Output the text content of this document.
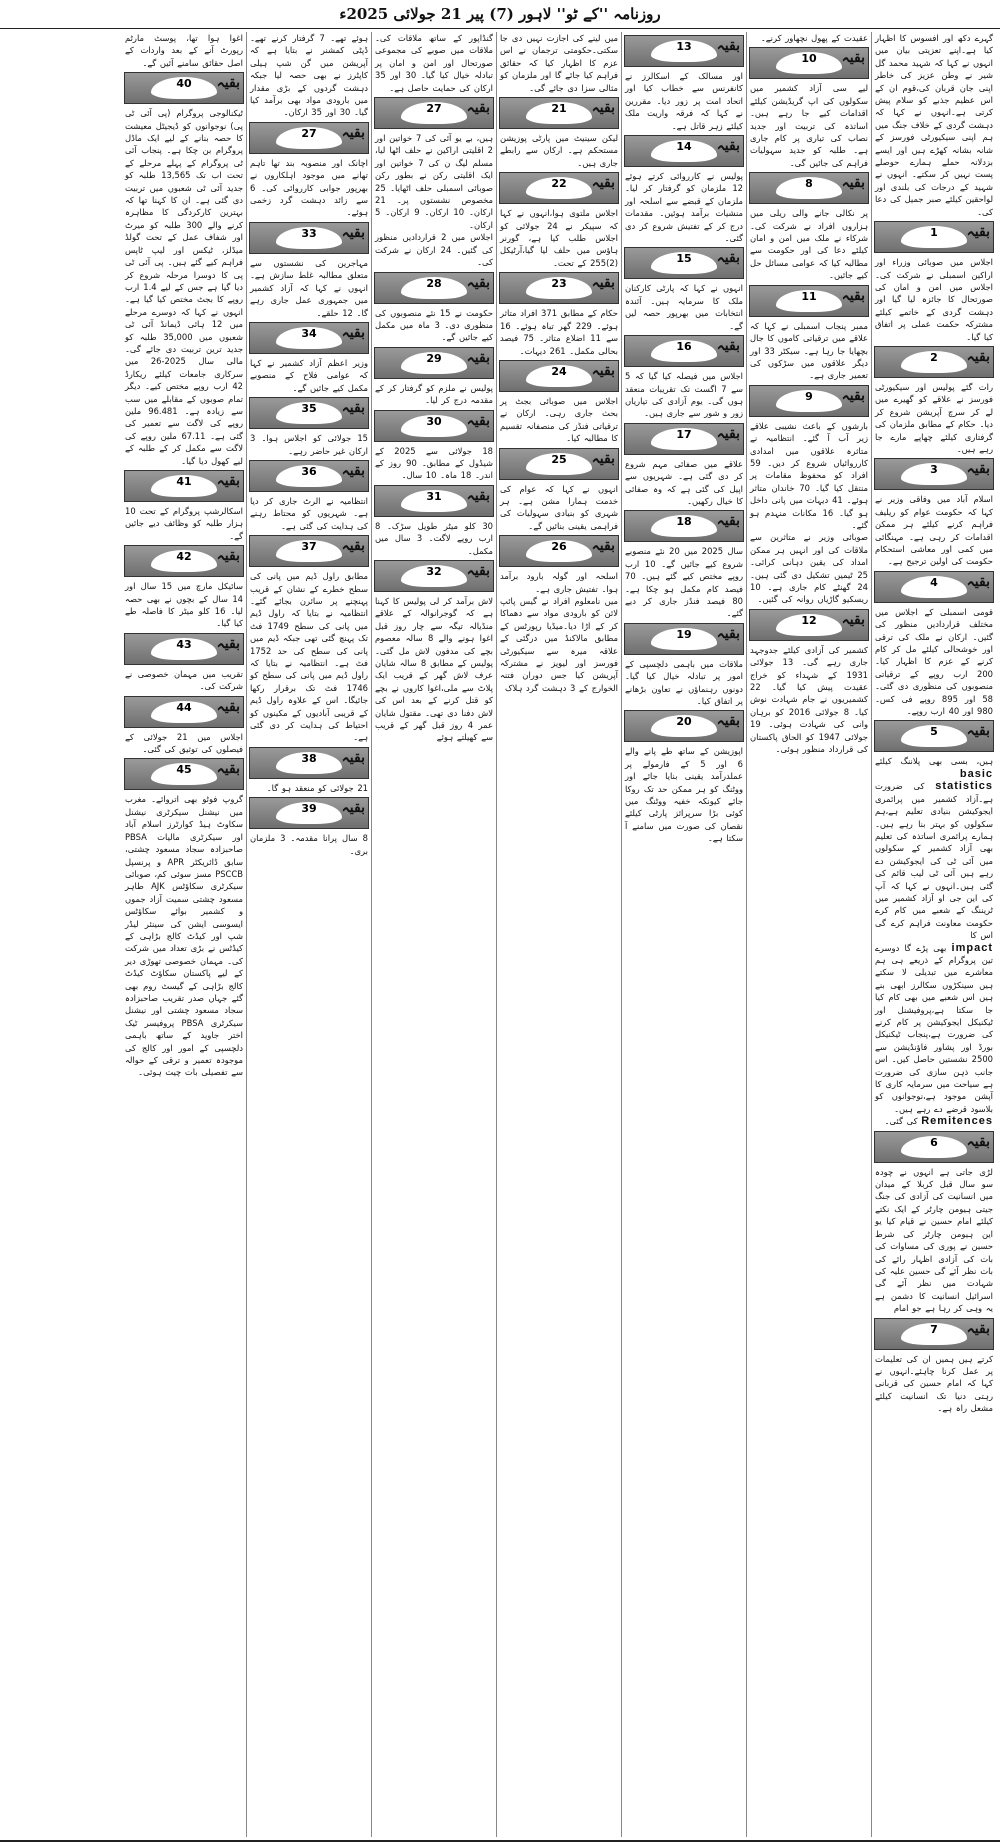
روزنامہ ''کے ٹو'' لاہور (7) پیر 21 جولائی 2025ء

گہرے دکھ اور افسوس کا اظہار کیا ہے۔اپنے تعزیتی بیان میں انہوں نے کہا کہ شہید محمد گل شیر نے وطن عزیز کی خاطر اپنی جان قربان کی،قوم ان کے اس عظیم جذبے کو سلام پیش کرتی ہے۔انہوں نے کہا کہ دہشت گردی کے خلاف جنگ میں ہم اپنی سیکیورٹی فورسز کے شانہ بشانہ کھڑے ہیں اور ایسے بزدلانہ حملے ہمارے حوصلے پست نہیں کر سکتے۔ انہوں نے شہید کے درجات کی بلندی اور لواحقین کیلئے صبر جمیل کی دعا کی۔

1	بقیہ

اجلاس میں صوبائی وزراء اور اراکین اسمبلی نے شرکت کی۔ اجلاس میں امن و امان کی صورتحال کا جائزہ لیا گیا اور دہشت گردی کے خاتمے کیلئے مشترکہ حکمت عملی پر اتفاق کیا گیا۔

2	بقیہ

رات گئے پولیس اور سیکیورٹی فورسز نے علاقے کو گھیرے میں لے کر سرچ آپریشن شروع کر دیا۔ حکام کے مطابق ملزمان کی گرفتاری کیلئے چھاپے مارے جا رہے ہیں۔

3	بقیہ

اسلام آباد میں وفاقی وزیر نے کہا کہ حکومت عوام کو ریلیف فراہم کرنے کیلئے ہر ممکن اقدامات کر رہی ہے۔ مہنگائی میں کمی اور معاشی استحکام حکومت کی اولین ترجیح ہے۔

4	بقیہ

قومی اسمبلی کے اجلاس میں مختلف قراردادیں منظور کی گئیں۔ ارکان نے ملک کی ترقی اور خوشحالی کیلئے مل کر کام کرنے کے عزم کا اظہار کیا۔ 200 ارب روپے کے ترقیاتی منصوبوں کی منظوری دی گئی۔ 58 اور 895 روپے فی کس۔ 980 اور 40 ارب روپے۔

5	بقیہ

ہیں، بسی بھی پلاننگ کیلئے basic
statistics کی ضرورت ہے۔آزاد کشمیر میں پرائمری ایجوکیشن بنیادی تعلیم ہے،ہم سکولوں کو بہتر بنا رہے ہیں۔ ہمارے پرائمری اساتذہ کی تعلیم بھی آزاد کشمیر کے سکولوں میں آئی ٹی کی ایجوکیشن دے رہے ہیں آئی ٹی لیب قائم کی گئی ہیں۔انہوں نے کہا کہ آپ کی این جی او آزاد کشمیر میں ٹریننگ کے شعبے میں کام کرے حکومت معاونت فراہم کرے گی اس کا

impact بھی پڑے گا دوسرے تین پروگرام کے ذریعے ہی ہم معاشرے میں تبدیلی لا سکتے ہیں سینکڑوں سکالرز ابھی بنے ہیں اس شعبے میں بھی کام کیا جا سکتا ہے،پروفیشنل اور ٹیکنیکل ایجوکیشن پر کام کرنے کی ضرورت ہے،پنجاب ٹیکنیکل بورڈ اور پشاور فاؤنڈیشن سے 2500 نشستیں حاصل کیں۔ اس جانب ذہن سازی کی ضرورت ہے سیاحت میں سرمایہ کاری کا آپشن موجود ہے،نوجوانوں کو بلاسود قرضے دے رہے ہیں۔

Remitences کی گئی۔

6	بقیہ

لڑی جاتی ہے انہوں نے چودہ سو سال قبل کربلا کے میدان میں انسانیت کی آزادی کی جنگ جیتی ہیومن چارٹر کے ایک نکتے کیلئے امام حسین نے قیام کیا یو این ہیومن چارٹر کی شرط حسین نے پوری کی مساوات کی بات کی آزادی اظہار رائے کی بات نظر آئے گی حسین علیہ کی شہادت میں نظر آئے گی اسرائیل انسانیت کا دشمن ہے یہ وہی کر رہا ہے جو امام

7	بقیہ

کرتے ہیں ہمیں ان کی تعلیمات پر عمل کرنا چاہئے۔انہوں نے کہا کہ امام حسین کی قربانی رہتی دنیا تک انسانیت کیلئے مشعل راہ ہے۔

عقیدت کے پھول نچھاور کرنے۔

10	بقیہ

لیے سی آزاد کشمیر میں سکولوں کی اپ گریڈیشن کیلئے اقدامات کیے جا رہے ہیں۔ اساتذہ کی تربیت اور جدید نصاب کی تیاری پر کام جاری ہے۔ طلبہ کو جدید سہولیات فراہم کی جائیں گی۔

8	بقیہ

پر نکالی جانے والی ریلی میں ہزاروں افراد نے شرکت کی۔ شرکاء نے ملک میں امن و امان کیلئے دعا کی اور حکومت سے مطالبہ کیا کہ عوامی مسائل حل کیے جائیں۔

11	بقیہ

ممبر پنجاب اسمبلی نے کہا کہ علاقے میں ترقیاتی کاموں کا جال بچھایا جا رہا ہے۔ سیکٹر 33 اور دیگر علاقوں میں سڑکوں کی تعمیر جاری ہے۔

9	بقیہ

بارشوں کے باعث نشیبی علاقے زیر آب آ گئے۔ انتظامیہ نے متاثرہ علاقوں میں امدادی کارروائیاں شروع کر دیں۔ 59 افراد کو محفوظ مقامات پر منتقل کیا گیا۔ 70 خاندان متاثر ہوئے۔ 41 دیہات میں پانی داخل ہو گیا۔ 16 مکانات منہدم ہو گئے۔

صوبائی وزیر نے متاثرین سے ملاقات کی اور انہیں ہر ممکن امداد کی یقین دہانی کرائی۔ 25 ٹیمیں تشکیل دی گئی ہیں۔ 24 گھنٹے کام جاری ہے۔ 10 ریسکیو گاڑیاں روانہ کی گئیں۔

12	بقیہ

کشمیر کی آزادی کیلئے جدوجہد جاری رہے گی۔ 13 جولائی 1931 کے شہداء کو خراج عقیدت پیش کیا گیا۔ 22 کشمیریوں نے جام شہادت نوش کیا۔ 8 جولائی 2016 کو برہان وانی کی شہادت ہوئی۔ 19 جولائی 1947 کو الحاق پاکستان کی قرارداد منظور ہوئی۔

13	بقیہ

اور مسالک کے اسکالرز نے کانفرنس سے خطاب کیا اور اتحاد امت پر زور دیا۔ مقررین نے کہا کہ فرقہ واریت ملک کیلئے زہر قاتل ہے۔

14	بقیہ

پولیس نے کارروائی کرتے ہوئے 12 ملزمان کو گرفتار کر لیا۔ ملزمان کے قبضے سے اسلحہ اور منشیات برآمد ہوئیں۔ مقدمات درج کر کے تفتیش شروع کر دی گئی۔

15	بقیہ

انہوں نے کہا کہ پارٹی کارکنان ملک کا سرمایہ ہیں۔ آئندہ انتخابات میں بھرپور حصہ لیں گے۔

16	بقیہ

اجلاس میں فیصلہ کیا گیا کہ 5 سے 7 اگست تک تقریبات منعقد ہوں گی۔ یوم آزادی کی تیاریاں زور و شور سے جاری ہیں۔

17	بقیہ

علاقے میں صفائی مہم شروع کر دی گئی ہے۔ شہریوں سے اپیل کی گئی ہے کہ وہ صفائی کا خیال رکھیں۔

18	بقیہ

سال 2025 میں 20 نئے منصوبے شروع کیے جائیں گے۔ 10 ارب روپے مختص کیے گئے ہیں۔ 70 فیصد کام مکمل ہو چکا ہے۔ 80 فیصد فنڈز جاری کر دیے گئے۔

19	بقیہ

ملاقات میں باہمی دلچسپی کے امور پر تبادلہ خیال کیا گیا۔ دونوں رہنماؤں نے تعاون بڑھانے پر اتفاق کیا۔

20	بقیہ

اپوزیشن کے ساتھ طے پانے والے 6 اور 5 کے فارمولے پر عملدرآمد یقینی بنایا جائے اور ووٹنگ کو ہر ممکن حد تک روکا جائے کیونکہ خفیہ ووٹنگ میں کوئی بڑا سرپرائز پارٹی کیلئے نقصان کی صورت میں سامنے آ سکتا ہے۔

میں لینے کی اجازت نہیں دی جا سکتی۔حکومتی ترجمان نے اس عزم کا اظہار کیا کہ حقائق فراہم کیا جائے گا اور ملزمان کو مثالی سزا دی جائے گی۔

21	بقیہ

لیکن سینیٹ میں پارٹی پوزیشن مستحکم ہے۔ ارکان سے رابطے جاری ہیں۔

22	بقیہ

اجلاس ملتوی ہوا،انہوں نے کہا کہ سپیکر نے 24 جولائی کو اجلاس طلب کیا ہے، گورنر ہاؤس میں حلف لیا گیا،آرٹیکل (2)255 کے تحت۔

23	بقیہ

حکام کے مطابق 371 افراد متاثر ہوئے۔ 229 گھر تباہ ہوئے۔ 16 سے 11 اضلاع متاثر۔ 75 فیصد بحالی مکمل۔ 261 دیہات۔

24	بقیہ

اجلاس میں صوبائی بجٹ پر بحث جاری رہی۔ ارکان نے ترقیاتی فنڈز کی منصفانہ تقسیم کا مطالبہ کیا۔

25	بقیہ

انہوں نے کہا کہ عوام کی خدمت ہمارا مشن ہے۔ ہر شہری کو بنیادی سہولیات کی فراہمی یقینی بنائیں گے۔

26	بقیہ

اسلحہ اور گولہ بارود برآمد ہوا۔ تفتیش جاری ہے۔

میں نامعلوم افراد نے گیس پائپ لائن کو بارودی مواد سے دھماکا کر کے اڑا دیا۔میڈیا رپورٹس کے مطابق مالاکنڈ میں درگئی کے علاقہ میرہ سے سیکیورٹی فورسز اور لیویز نے مشترکہ آپریشن کیا جس دوران فتنہ الخوارج کے 3 دہشت گرد ہلاک

گنڈاپور کے ساتھ ملاقات کی۔ ملاقات میں صوبے کی مجموعی صورتحال اور امن و امان پر تبادلہ خیال کیا گیا۔ 30 اور 35 ارکان کی حمایت حاصل ہے۔

27	بقیہ

ہیں، بے یو آئی کی 7 خواتین اور 2 اقلیتی اراکین نے حلف اٹھا لیا، مسلم لیگ ن کی 7 خواتین اور ایک اقلیتی رکن نے بطور رکن صوبائی اسمبلی حلف اٹھایا۔ 25 مخصوص نشستوں پر۔ 21 ارکان۔ 10 ارکان۔ 9 ارکان۔ 5 ارکان۔

اجلاس میں 2 قراردادیں منظور کی گئیں۔ 24 ارکان نے شرکت کی۔

28	بقیہ

حکومت نے 15 نئے منصوبوں کی منظوری دی۔ 3 ماہ میں مکمل کیے جائیں گے۔

29	بقیہ

پولیس نے ملزم کو گرفتار کر کے مقدمہ درج کر لیا۔

30	بقیہ

18 جولائی سے 2025 کے شیڈول کے مطابق۔ 90 روز کے اندر۔ 18 ماہ۔ 10 سال۔

31	بقیہ

30 کلو میٹر طویل سڑک۔ 8 ارب روپے لاگت۔ 3 سال میں مکمل۔

32	بقیہ

لاش برآمد کر لی پولیس کا کہنا ہے کہ گوجرانوالہ کے علاقے منڈیالہ تیگہ سے چار روز قبل اغوا ہونے والے 8 سالہ معصوم بچے کی مدفون لاش مل گئی۔پولیس کے مطابق 8 سالہ شایان عرف لاش گھر کے قریب ایک پلاٹ سے ملی،اغوا کاروں نے بچے کو قتل کرنے کے بعد اس کی لاش دفنا دی تھی۔ مقتول شایان عمر 4 روز قبل گھر کے قریب سے کھیلتے ہوئے

ہوئے تھے۔ 7 گرفتار کرنے تھے۔ ڈپٹی کمشنر نے بتایا ہے کہ آپریشن میں گن شپ ہیلی کاپٹرز نے بھی حصہ لیا جبکہ دہشت گردوں کے بڑی مقدار میں بارودی مواد بھی برآمد کیا گیا۔ 30 اور 35 ارکان۔

27	بقیہ

اچانک اور منصوبہ بند تھا تاہم تھانے میں موجود اہلکاروں نے بھرپور جوابی کارروائی کی۔ 6 سے زائد دہشت گرد زخمی ہوئے۔

33	بقیہ

مہاجرین کی نشستوں سے متعلق مطالبہ غلط سازش ہے۔ انہوں نے کہا کہ آزاد کشمیر میں جمہوری عمل جاری رہے گا۔ 12 حلقے۔

34	بقیہ

وزیر اعظم آزاد کشمیر نے کہا کہ عوامی فلاح کے منصوبے مکمل کیے جائیں گے۔

35	بقیہ

15 جولائی کو اجلاس ہوا۔ 3 ارکان غیر حاضر رہے۔

36	بقیہ

انتظامیہ نے الرٹ جاری کر دیا ہے۔ شہریوں کو محتاط رہنے کی ہدایت کی گئی ہے۔

37	بقیہ

مطابق راول ڈیم میں پانی کی سطح خطرے کے نشان کے قریب پہنچنے پر سائرن بجائے گئے۔ انتظامیہ نے بتایا کہ راول ڈیم میں پانی کی سطح 1749 فٹ تک پہنچ گئی تھی جبکہ ڈیم میں پانی کی سطح کی حد 1752 فٹ ہے۔ انتظامیہ نے بتایا کہ راول ڈیم میں پانی کی سطح کو 1746 فٹ تک برقرار رکھا جائیگا۔ اس کے علاوہ راول ڈیم کے قریبی آبادیوں کے مکینوں کو احتیاط کی ہدایت کر دی گئی ہے۔

38	بقیہ

21 جولائی کو منعقد ہو گا۔

39	بقیہ

8 سال پرانا مقدمہ۔ 3 ملزمان بری۔

اغوا ہوا تھا، پوسٹ مارٹم رپورٹ آنے کے بعد واردات کے اصل حقائق سامنے آئیں گے۔

40	بقیہ

ٹیکنالوجی پروگرام (پی آئی ٹی پی) نوجوانوں کو ڈیجیٹل معیشت کا حصہ بنانے کے لیے ایک ماڈل پروگرام بن چکا ہے۔ پنجاب آئی ٹی پروگرام کے پہلے مرحلے کے تحت اب تک 13,565 طلبہ کو جدید آئی ٹی شعبوں میں تربیت دی گئی ہے۔ ان کا کہنا تھا کہ بہترین کارکردگی کا مظاہرہ کرنے والے 300 طلبہ کو میرٹ اور شفاف عمل کے تحت گولڈ میڈلز، ٹیکس اور لیپ ٹاپس فراہم کیے گئے ہیں۔ پی آئی ٹی پی کا دوسرا مرحلہ شروع کر دیا گیا ہے جس کے لیے 1.4 ارب روپے کا بجٹ مختص کیا گیا ہے۔ انہوں نے کہا کہ دوسرے مرحلے میں 12 ہائی ڈیمانڈ آئی ٹی شعبوں میں 35,000 طلبہ کو جدید ترین تربیت دی جائے گی۔ مالی سال 2025-26 میں سرکاری جامعات کیلئے ریکارڈ 42 ارب روپے مختص کیے۔ دیگر تمام صوبوں کے مقابلے میں سب سے زیادہ ہے۔ 96.481 ملین روپے کی لاگت سے تعمیر کی گئی ہے۔ 67.11 ملین روپے کی لاگت سے مکمل کر کے طلبہ کے لیے کھول دیا گیا۔

41	بقیہ

اسکالرشپ پروگرام کے تحت 10 ہزار طلبہ کو وظائف دیے جائیں گے۔

42	بقیہ

سائیکل مارچ میں 15 سال اور 14 سال کے بچوں نے بھی حصہ لیا۔ 16 کلو میٹر کا فاصلہ طے کیا گیا۔

43	بقیہ

تقریب میں مہمان خصوصی نے شرکت کی۔

44	بقیہ

اجلاس میں 21 جولائی کے فیصلوں کی توثیق کی گئی۔

45	بقیہ

گروپ فوٹو بھی اتروائے۔ مغرب میں نیشنل سیکرٹری نیشنل سکاوٹ ہیڈ کوارٹرز اسلام آباد اور سیکرٹری مالیات PBSA صاحبزادہ سجاد مسعود چشتی، سابق ڈائریکٹر APR و پرنسپل PSCCB مسز سوئی کم، صوبائی سیکرٹری سکاؤٹس AJK طاہر مسعود چشتی سمیت آزاد جموں و کشمیر بوائے سکاؤٹس ایسوسی ایشن کی سینئر لیڈر شپ اور کیڈٹ کالج بڑاہی کے کیڈٹس نے بڑی تعداد میں شرکت کی۔ مہمان خصوصی تھوڑی دیر کے لیے پاکستان سکاؤٹ کیڈٹ کالج بڑاہی کے گیسٹ روم بھی گئے جہاں صدر تقریب صاحبزادہ سجاد مسعود چشتی اور نیشنل سیکرٹری PBSA پروفیسر ٹیک اختر جاوید کے ساتھ باہمی دلچسپی کے امور اور کالج کی موجودہ تعمیر و ترقی کے حوالہ سے تفصیلی بات چیت ہوئی۔
